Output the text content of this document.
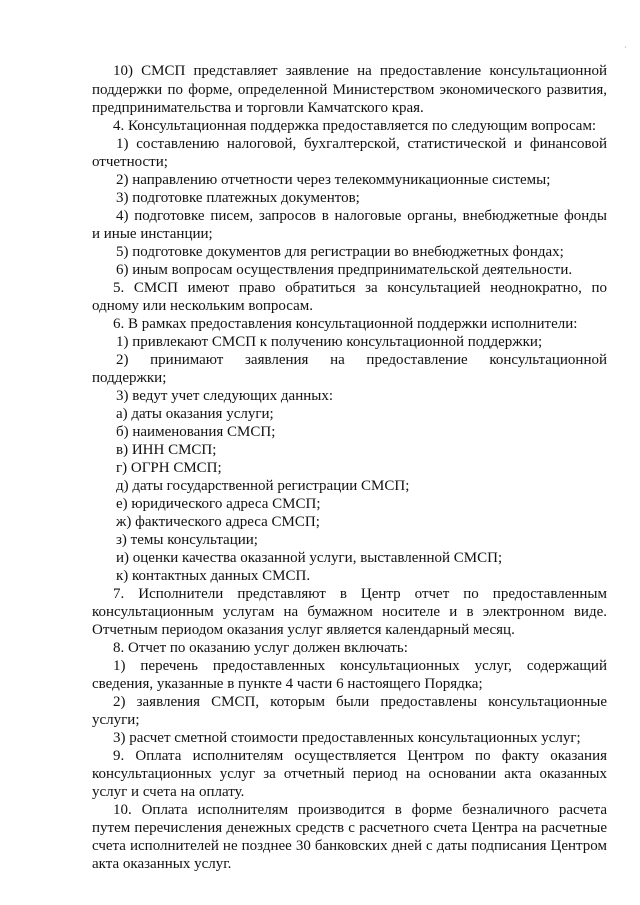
´
10) СМСП представляет заявление на предоставление консультационной
поддержки по форме, определенной Министерством экономического развития,
предпринимательства и торговли Камчатского края.
4. Консультационная поддержка предоставляется по следующим вопросам:
1) составлению налоговой, бухгалтерской, статистической и финансовой
отчетности;
2) направлению отчетности через телекоммуникационные системы;
3) подготовке платежных документов;
4) подготовке писем, запросов в налоговые органы, внебюджетные фонды
и иные инстанции;
5) подготовке документов для регистрации во внебюджетных фондах;
6) иным вопросам осуществления предпринимательской деятельности.
5. СМСП имеют право обратиться за консультацией неоднократно, по
одному или нескольким вопросам.
6. В рамках предоставления консультационной поддержки исполнители:
1) привлекают СМСП к получению консультационной поддержки;
2) принимают заявления на предоставление консультационной
поддержки;
3) ведут учет следующих данных:
а) даты оказания услуги;
б) наименования СМСП;
в) ИНН СМСП;
г) ОГРН СМСП;
д) даты государственной регистрации СМСП;
е) юридического адреса СМСП;
ж) фактического адреса СМСП;
з) темы консультации;
и) оценки качества оказанной услуги, выставленной СМСП;
к) контактных данных СМСП.
7. Исполнители представляют в Центр отчет по предоставленным
консультационным услугам на бумажном носителе и в электронном виде.
Отчетным периодом оказания услуг является календарный месяц.
8. Отчет по оказанию услуг должен включать:
1) перечень предоставленных консультационных услуг, содержащий
сведения, указанные в пункте 4 части 6 настоящего Порядка;
2) заявления СМСП, которым были предоставлены консультационные
услуги;
3) расчет сметной стоимости предоставленных консультационных услуг;
9. Оплата исполнителям осуществляется Центром по факту оказания
консультационных услуг за отчетный период на основании акта оказанных
услуг и счета на оплату.
10. Оплата исполнителям производится в форме безналичного расчета
путем перечисления денежных средств с расчетного счета Центра на расчетные
счета исполнителей не позднее 30 банковских дней с даты подписания Центром
акта оказанных услуг.
